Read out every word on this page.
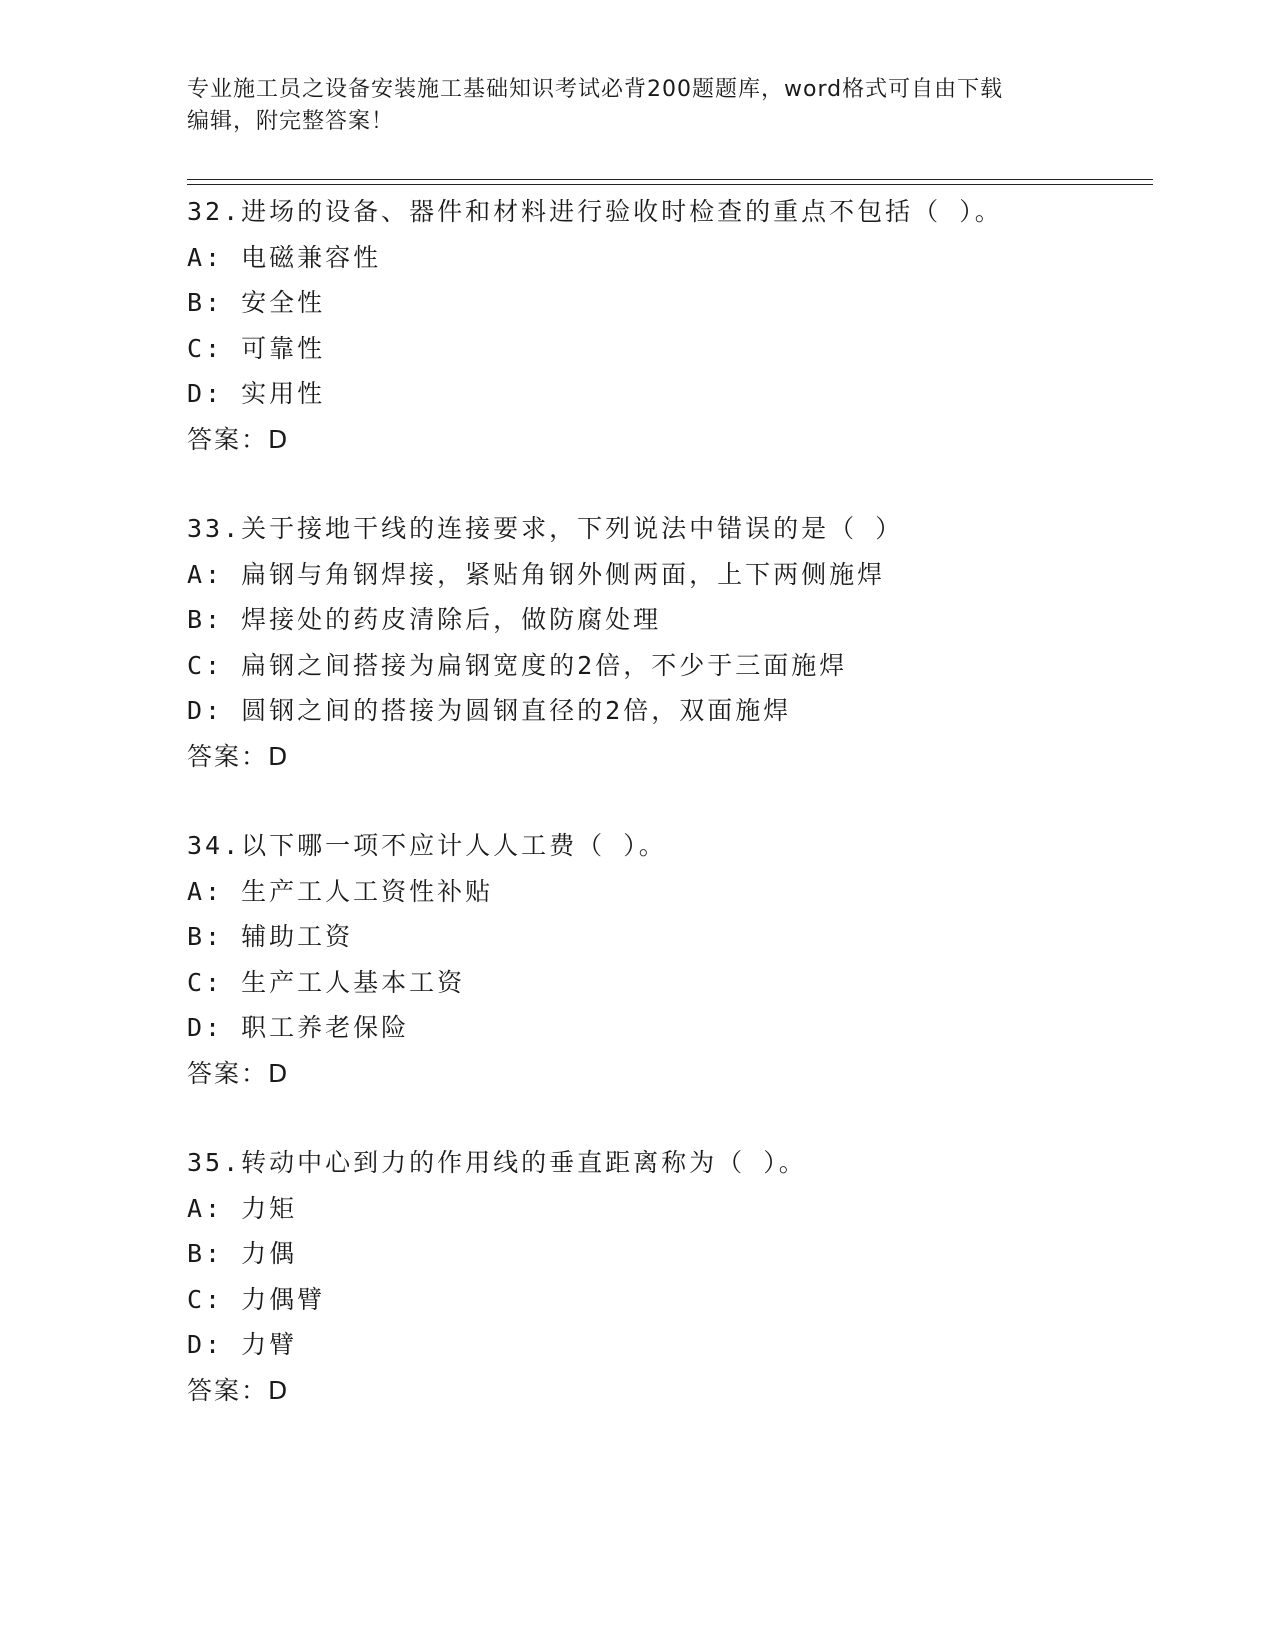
专业施工员之设备安装施工基础知识考试必背200题题库，word格式可自由下载
编辑，附完整答案！
32.进场的设备、器件和材料进行验收时检查的重点不包括（ ）。
A: 电磁兼容性
B: 安全性
C: 可靠性
D: 实用性
答案：D
33.关于接地干线的连接要求，下列说法中错误的是（ ）
A: 扁钢与角钢焊接，紧贴角钢外侧两面，上下两侧施焊
B: 焊接处的药皮清除后，做防腐处理
C: 扁钢之间搭接为扁钢宽度的2倍，不少于三面施焊
D: 圆钢之间的搭接为圆钢直径的2倍，双面施焊
答案：D
34.以下哪一项不应计人人工费（ ）。
A: 生产工人工资性补贴
B: 辅助工资
C: 生产工人基本工资
D: 职工养老保险
答案：D
35.转动中心到力的作用线的垂直距离称为（ ）。
A: 力矩
B: 力偶
C: 力偶臂
D: 力臂
答案：D
